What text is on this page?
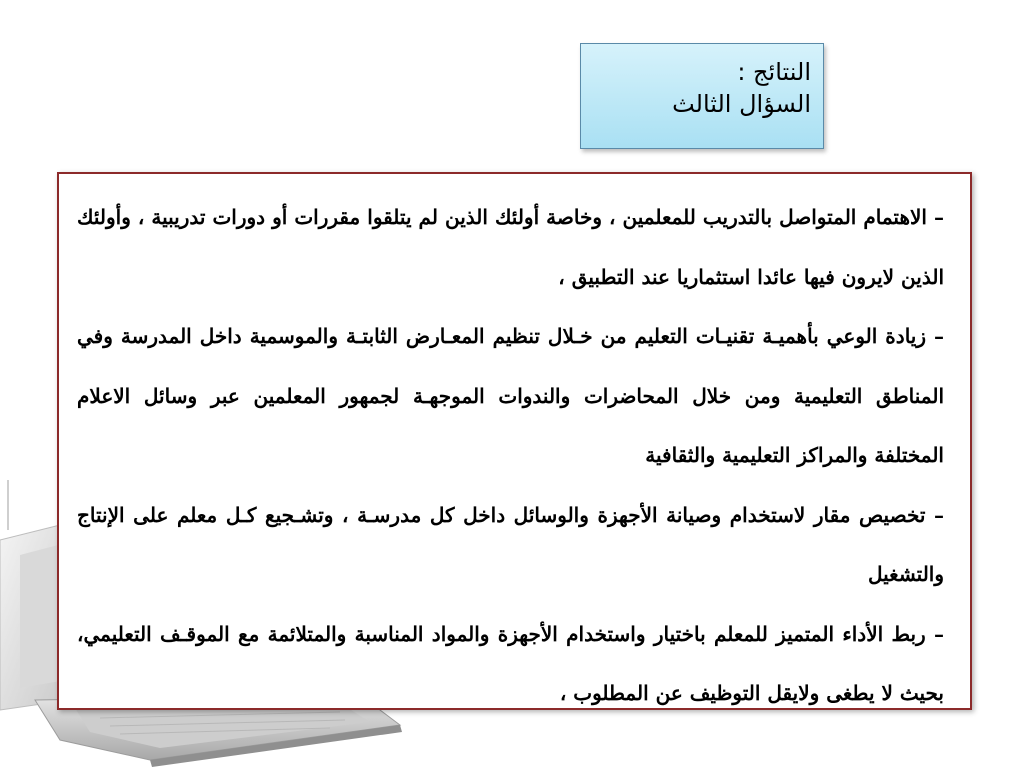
النتائج :
السؤال الثالث

– الاهتمام المتواصل بالتدريب للمعلمين ، وخاصة أولئك الذين لم يتلقوا مقررات أو دورات تدريبية ، وأولئك الذين لايرون فيها عائدا استثماريا عند التطبيق ،

– زيادة الوعي بأهميـة تقنيـات التعليم من خـلال تنظيم المعـارض الثابتـة والموسمية داخل المدرسة وفي المناطق التعليمية ومن خلال المحاضرات والندوات الموجهـة لجمهور المعلمين عبر وسائل الاعلام المختلفة والمراكز التعليمية والثقافية

– تخصيص مقار لاستخدام وصيانة الأجهزة والوسائل داخل كل مدرسـة ، وتشـجيع كـل معلم على الإنتاج والتشغيل

– ربط الأداء المتميز للمعلم باختيار واستخدام الأجهزة والمواد المناسبة والمتلائمة مع الموقـف التعليمي، بحيث لا يطغى ولايقل التوظيف عن المطلوب ،
